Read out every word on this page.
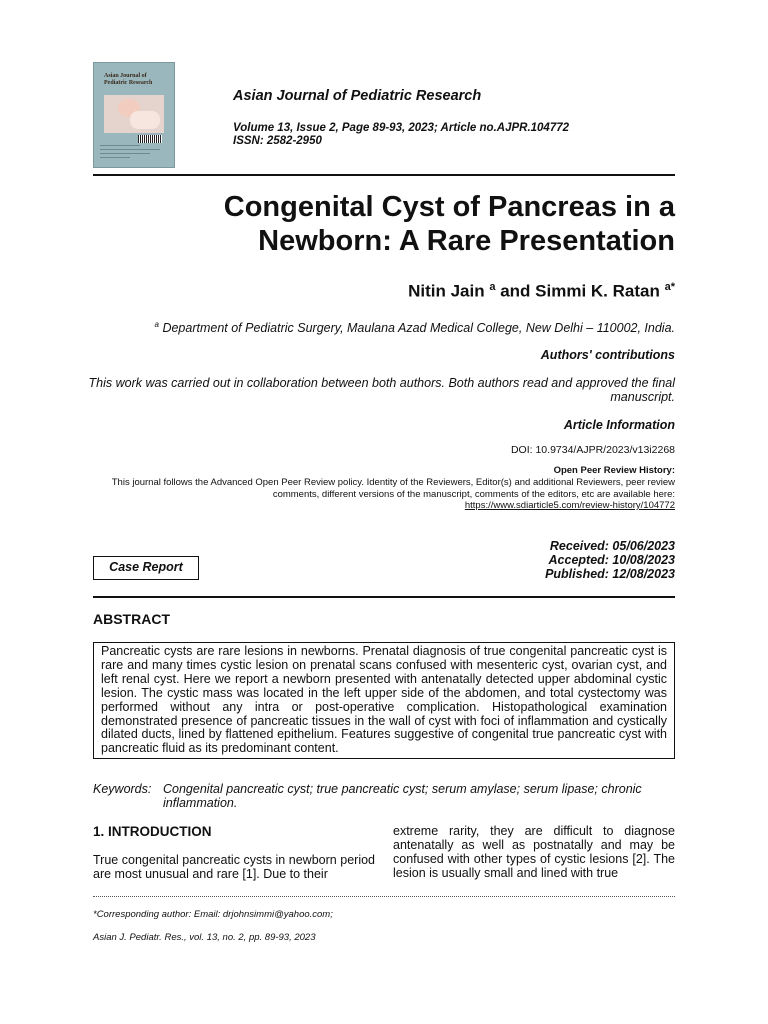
Asian Journal of
Pediatric Research
Asian Journal of Pediatric Research
Volume 13, Issue 2, Page 89-93, 2023; Article no.AJPR.104772
ISSN: 2582-2950
Congenital Cyst of Pancreas in a
Newborn: A Rare Presentation
Nitin Jain $^a$ and Simmi K. Ratan $^{a*}$
$^a$ Department of Pediatric Surgery, Maulana Azad Medical College, New Delhi – 110002, India.
Authors' contributions
This work was carried out in collaboration between both authors. Both authors read and approved the final manuscript.
Article Information
DOI: 10.9734/AJPR/2023/v13i2268
Open Peer Review History:
This journal follows the Advanced Open Peer Review policy. Identity of the Reviewers, Editor(s) and additional Reviewers, peer review comments, different versions of the manuscript, comments of the editors, etc are available here:
https://www.sdiarticle5.com/review-history/104772
Case Report
Received: 05/06/2023
Accepted: 10/08/2023
Published: 12/08/2023
ABSTRACT
Pancreatic cysts are rare lesions in newborns. Prenatal diagnosis of true congenital pancreatic cyst is rare and many times cystic lesion on prenatal scans confused with mesenteric cyst, ovarian cyst, and left renal cyst. Here we report a newborn presented with antenatally detected upper abdominal cystic lesion. The cystic mass was located in the left upper side of the abdomen, and total cystectomy was performed without any intra or post-operative complication. Histopathological examination demonstrated presence of pancreatic tissues in the wall of cyst with foci of inflammation and cystically dilated ducts, lined by flattened epithelium. Features suggestive of congenital true pancreatic cyst with pancreatic fluid as its predominant content.
Keywords: Congenital pancreatic cyst; true pancreatic cyst; serum amylase; serum lipase; chronic inflammation.
1. INTRODUCTION
True congenital pancreatic cysts in newborn period are most unusual and rare [1]. Due to their
extreme rarity, they are difficult to diagnose antenatally as well as postnatally and may be confused with other types of cystic lesions [2]. The lesion is usually small and lined with true
*Corresponding author: Email: drjohnsimmi@yahoo.com;
Asian J. Pediatr. Res., vol. 13, no. 2, pp. 89-93, 2023
